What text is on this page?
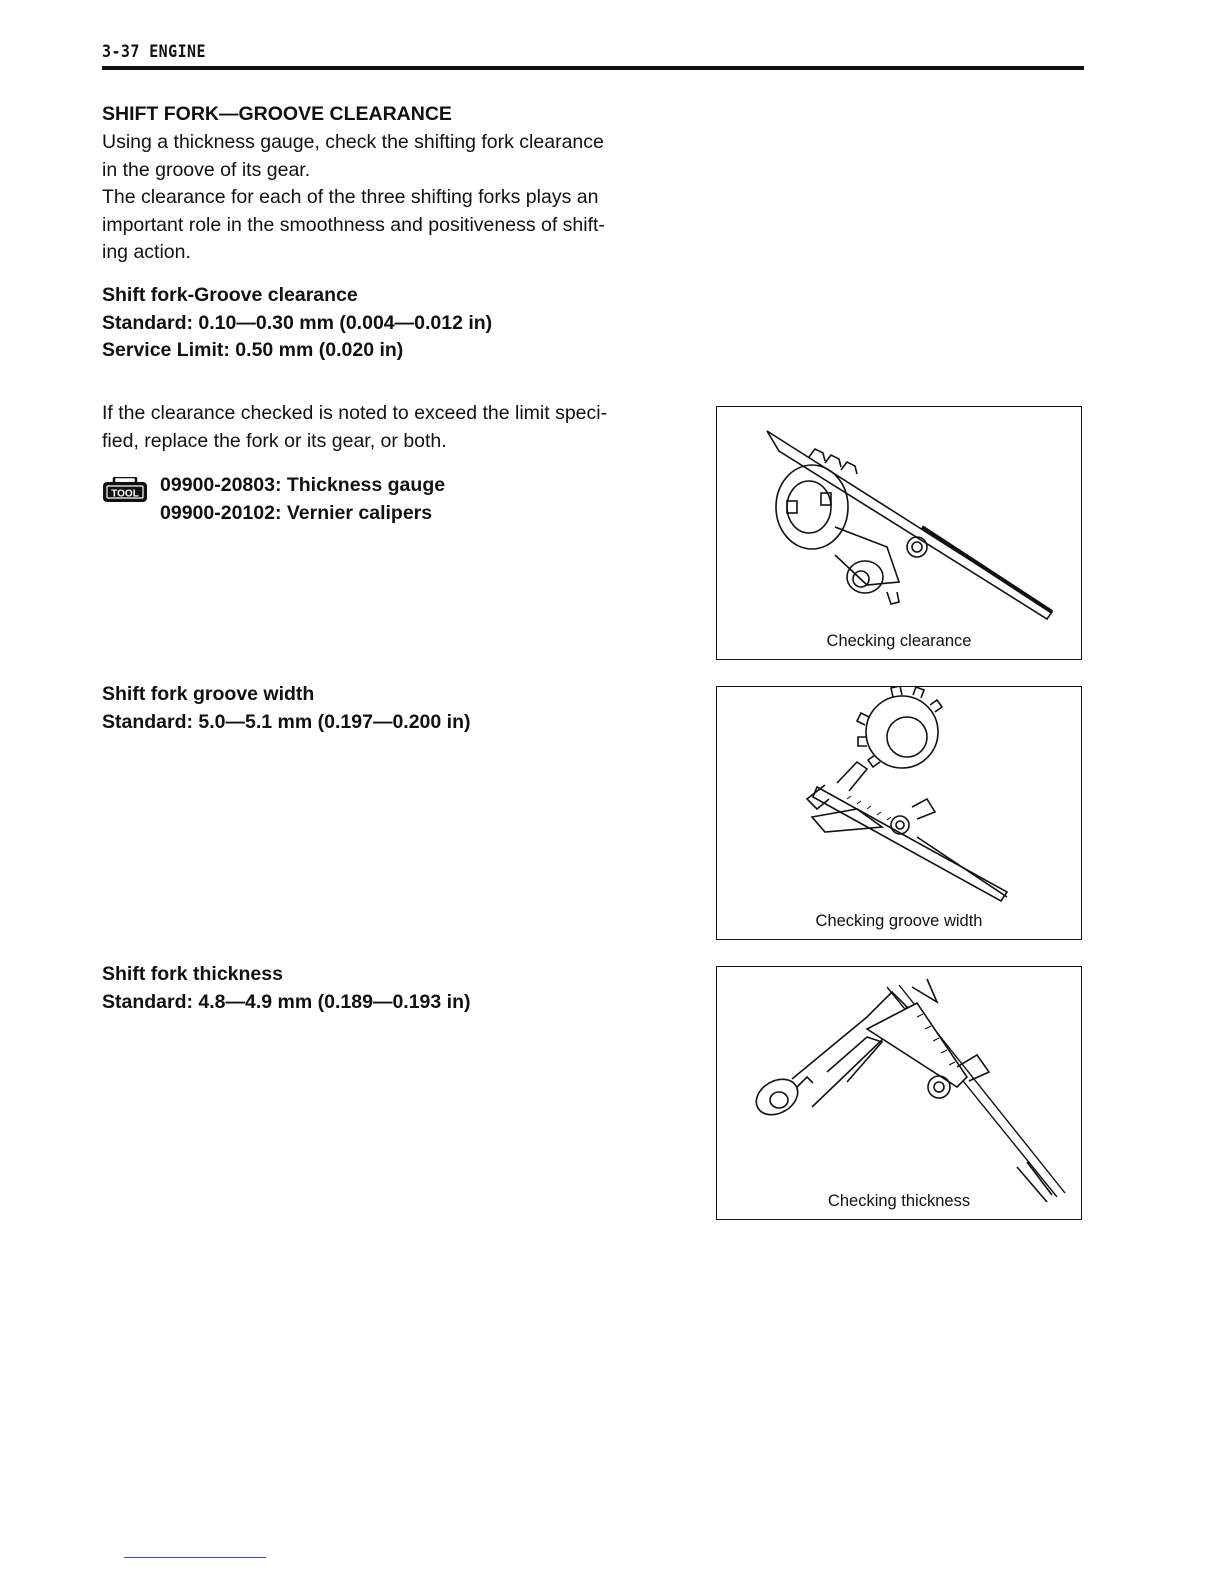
3-37 ENGINE
SHIFT FORK—GROOVE CLEARANCE
Using a thickness gauge, check the shifting fork clearance
in the groove of its gear.
The clearance for each of the three shifting forks plays an
important role in the smoothness and positiveness of shift-
ing action.
Shift fork-Groove clearance
Standard: 0.10—0.30 mm (0.004—0.012 in)
Service Limit: 0.50 mm (0.020 in)
If the clearance checked is noted to exceed the limit speci-
fied, replace the fork or its gear, or both.
TOOL 09900-20803: Thickness gauge
09900-20102: Vernier calipers
Shift fork groove width
Standard: 5.0—5.1 mm (0.197—0.200 in)
Shift fork thickness
Standard: 4.8—4.9 mm (0.189—0.193 in)
Checking clearance
Checking groove width
Checking thickness
